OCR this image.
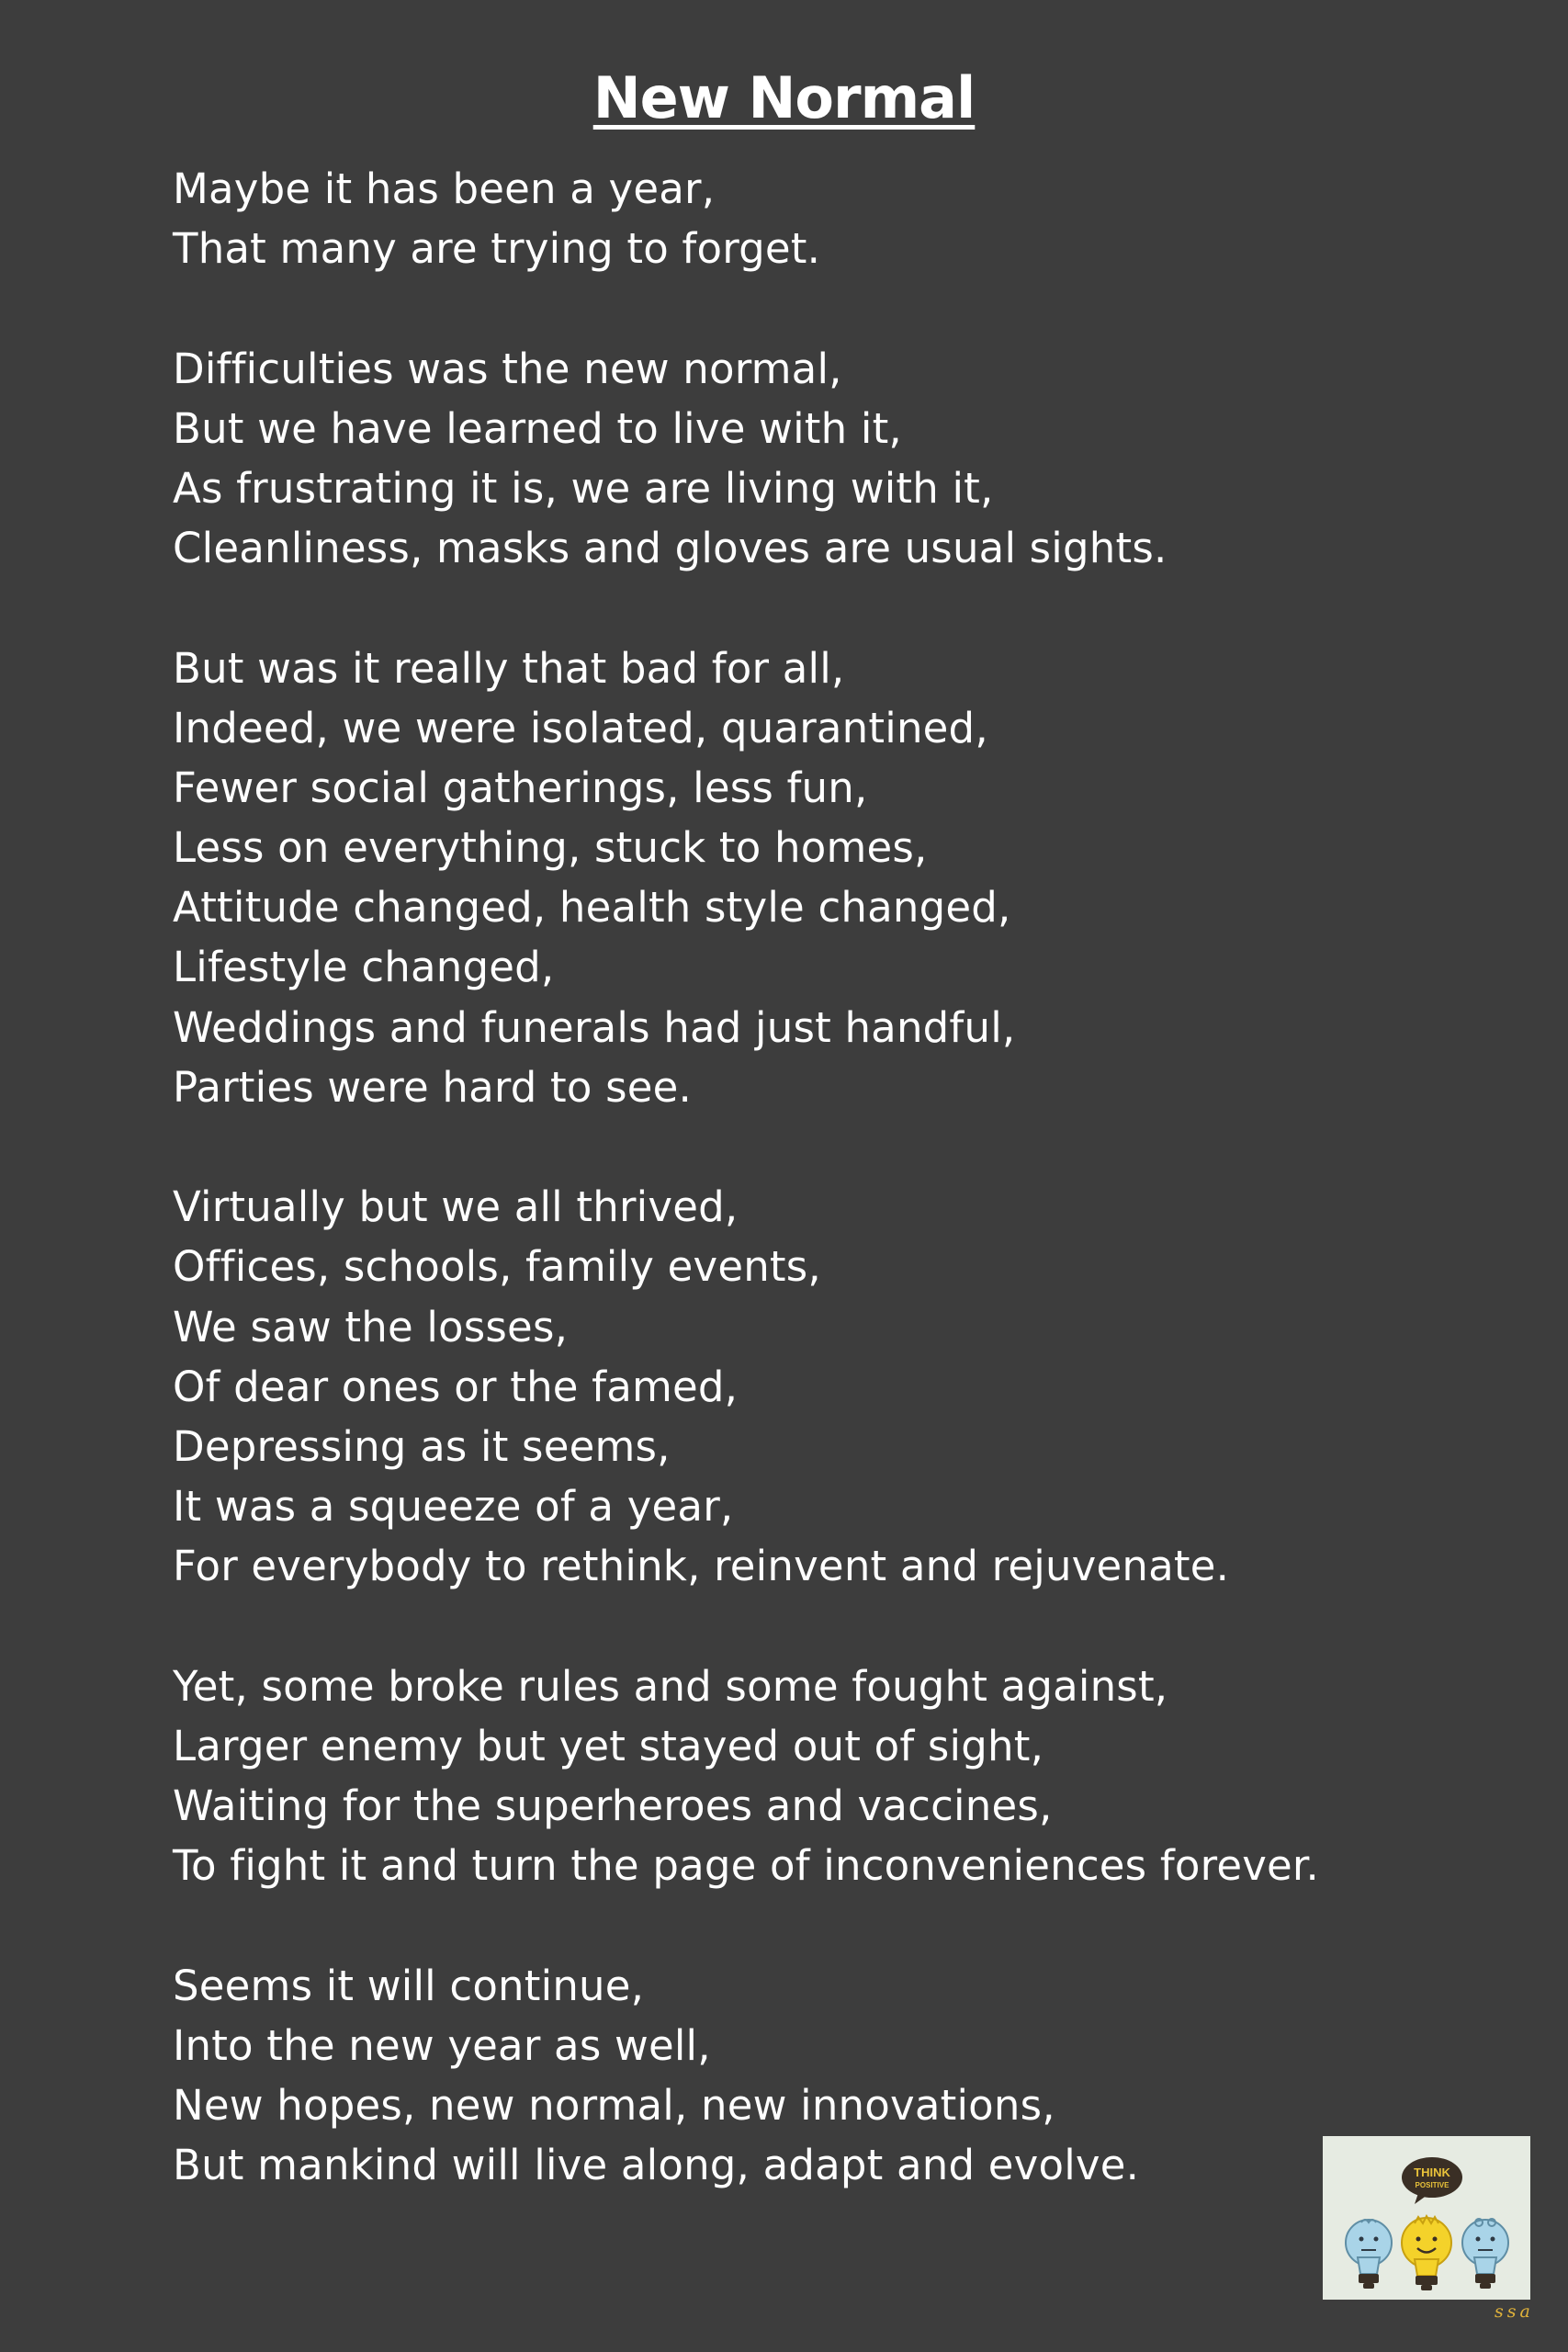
New Normal
Maybe it has been a year,
That many are trying to forget.
Difficulties was the new normal,
But we have learned to live with it,
As frustrating it is, we are living with it,
Cleanliness, masks and gloves are usual sights.
But was it really that bad for all,
Indeed, we were isolated, quarantined,
Fewer social gatherings, less fun,
Less on everything, stuck to homes,
Attitude changed, health style changed,
Lifestyle changed,
Weddings and funerals had just handful,
Parties were hard to see.
Virtually but we all thrived,
Offices, schools, family events,
We saw the losses,
Of dear ones or the famed,
Depressing as it seems,
It was a squeeze of a year,
For everybody to rethink, reinvent and rejuvenate.
Yet, some broke rules and some fought against,
Larger enemy but yet stayed out of sight,
Waiting for the superheroes and vaccines,
To fight it and turn the page of inconveniences forever.
Seems it will continue,
Into the new year as well,
New hopes, new normal, new innovations,
But mankind will live along, adapt and evolve.	THINK
POSITIVE
ssa
